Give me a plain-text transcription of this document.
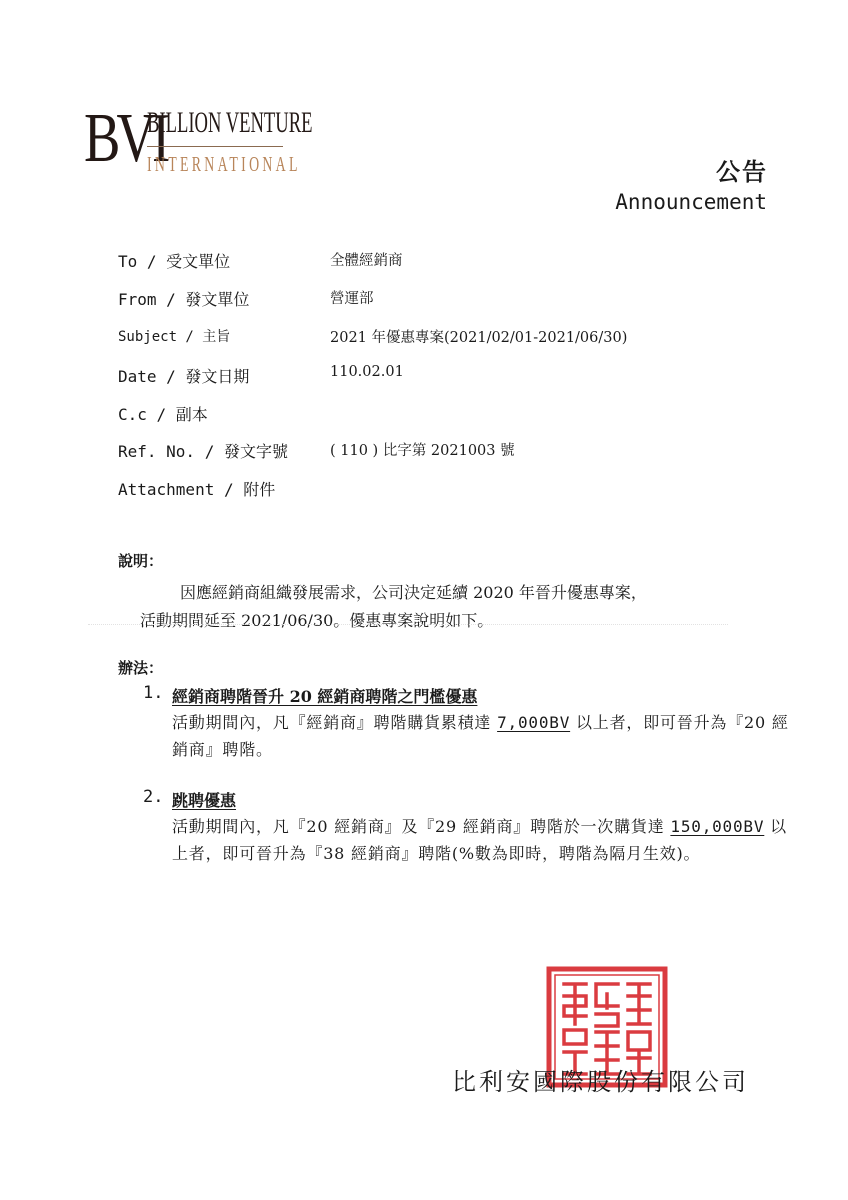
BVI
BILLION VENTURE
INTERNATIONAL	公告
Announcement
To / 受文單位	全體經銷商
From / 發文單位	營運部
Subject / 主旨	2021 年優惠專案(2021/02/01-2021/06/30)
Date / 發文日期	110.02.01
C.c / 副本
Ref. No. / 發文字號	( 110 ) 比字第 2021003 號
Attachment / 附件
說明：
因應經銷商組織發展需求，公司決定延續 2020 年晉升優惠專案，
活動期間延至 2021/06/30。優惠專案說明如下。
辦法：
1. 經銷商聘階晉升 20 經銷商聘階之門檻優惠
活動期間內，凡『經銷商』聘階購貨累積達 7,000BV 以上者，即可晉升為『20 經銷商』聘階。
2. 跳聘優惠
活動期間內，凡『20 經銷商』及『29 經銷商』聘階於一次購貨達 150,000BV 以上者，即可晉升為『38 經銷商』聘階(%數為即時，聘階為隔月生效)。
比利安國際股份有限公司
